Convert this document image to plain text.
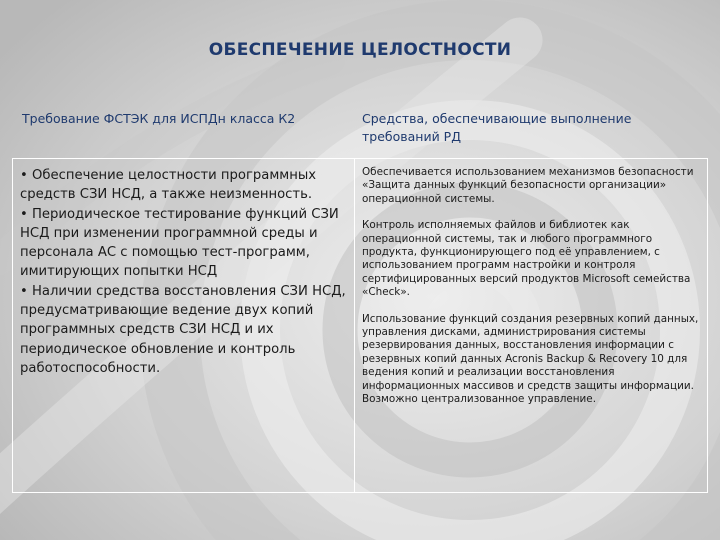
ОБЕСПЕЧЕНИЕ ЦЕЛОСТНОСТИ
Требование ФСТЭК для ИСПДн класса К2	Средства, обеспечивающие выполнение требований РД

• Обеспечение целостности программных средств СЗИ НСД, а также неизменность.

• Периодическое тестирование функций СЗИ НСД при изменении программной среды и персонала АС с помощью тест-программ, имитирующих попытки НСД

• Наличии средства восстановления СЗИ НСД, предусматривающие ведение двух копий программных средств СЗИ НСД и их периодическое обновление и контроль работоспособности.

Обеспечивается использованием механизмов безопасности «Защита данных функций безопасности организации» операционной системы.

Контроль исполняемых файлов и библиотек как операционной системы, так и любого программного продукта, функционирующего под её управлением, с использованием программ настройки и контроля сертифицированных версий продуктов Microsoft семейства «Check».

Использование функций создания резервных копий данных, управления дисками, администрирования системы резервирования данных, восстановления информации с резервных копий данных Acronis Backup & Recovery 10 для ведения копий и реализации восстановления информационных массивов и средств защиты информации. Возможно централизованное управление.
